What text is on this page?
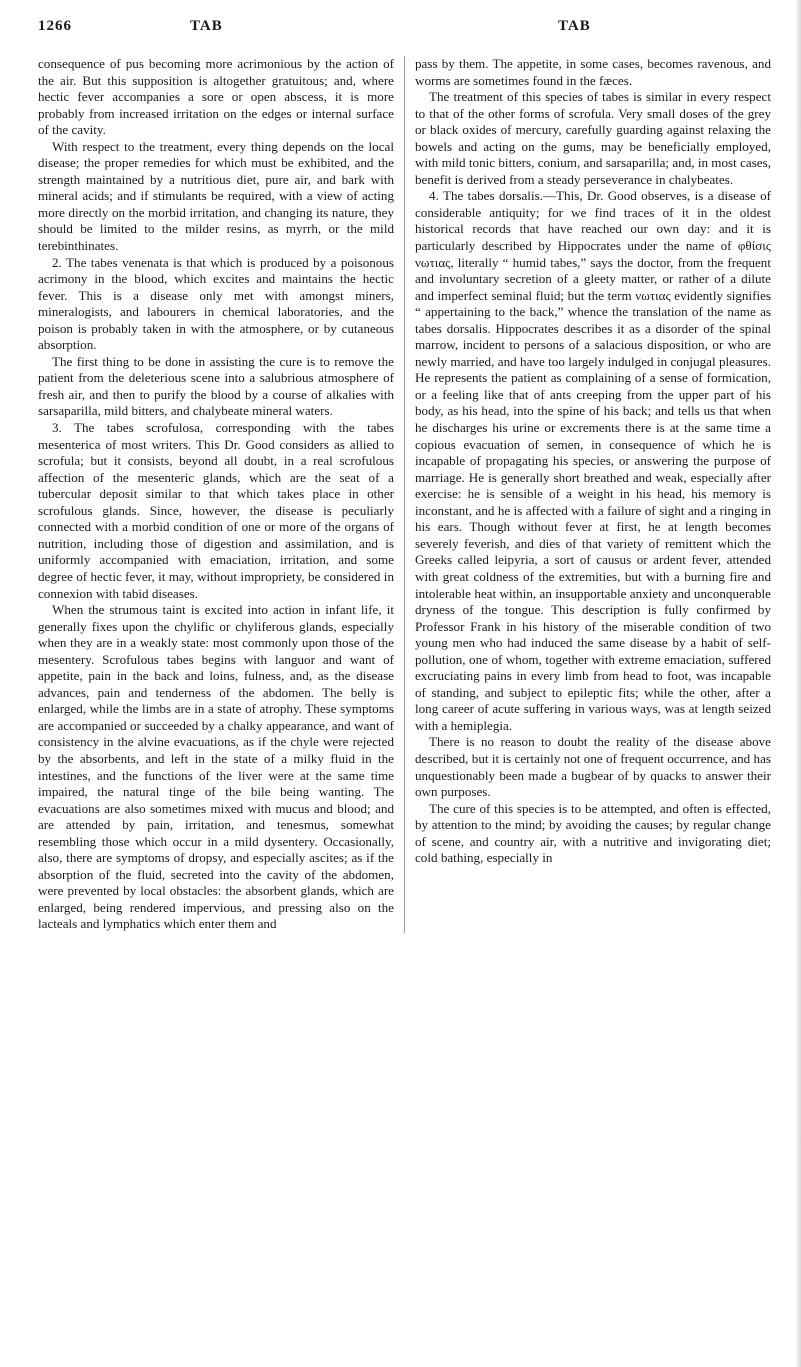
1266	TAB	TAB

consequence of pus becoming more acrimonious by the action of the air. But this supposition is altogether gratuitous; and, where hectic fever accompanies a sore or open abscess, it is more probably from increased irritation on the edges or internal surface of the cavity.

With respect to the treatment, every thing depends on the local disease; the proper remedies for which must be exhibited, and the strength maintained by a nutritious diet, pure air, and bark with mineral acids; and if stimulants be required, with a view of acting more directly on the morbid irritation, and changing its nature, they should be limited to the milder resins, as myrrh, or the mild terebinthinates.

2. The tabes venenata is that which is produced by a poisonous acrimony in the blood, which excites and maintains the hectic fever. This is a disease only met with amongst miners, mineralogists, and labourers in chemical laboratories, and the poison is probably taken in with the atmosphere, or by cutaneous absorption.

The first thing to be done in assisting the cure is to remove the patient from the deleterious scene into a salubrious atmosphere of fresh air, and then to purify the blood by a course of alkalies with sarsaparilla, mild bitters, and chalybeate mineral waters.

3. The tabes scrofulosa, corresponding with the tabes mesenterica of most writers. This Dr. Good considers as allied to scrofula; but it consists, beyond all doubt, in a real scrofulous affection of the mesenteric glands, which are the seat of a tubercular deposit similar to that which takes place in other scrofulous glands. Since, however, the disease is peculiarly connected with a morbid condition of one or more of the organs of nutrition, including those of digestion and assimilation, and is uniformly accompanied with emaciation, irritation, and some degree of hectic fever, it may, without impropriety, be considered in connexion with tabid diseases.

When the strumous taint is excited into action in infant life, it generally fixes upon the chylific or chyliferous glands, especially when they are in a weakly state: most commonly upon those of the mesentery. Scrofulous tabes begins with languor and want of appetite, pain in the back and loins, fulness, and, as the disease advances, pain and tenderness of the abdomen. The belly is enlarged, while the limbs are in a state of atrophy. These symptoms are accompanied or succeeded by a chalky appearance, and want of consistency in the alvine evacuations, as if the chyle were rejected by the absorbents, and left in the state of a milky fluid in the intestines, and the functions of the liver were at the same time impaired, the natural tinge of the bile being wanting. The evacuations are also sometimes mixed with mucus and blood; and are attended by pain, irritation, and tenesmus, somewhat resembling those which occur in a mild dysentery. Occasionally, also, there are symptoms of dropsy, and especially ascites; as if the absorption of the fluid, secreted into the cavity of the abdomen, were prevented by local obstacles: the absorbent glands, which are enlarged, being rendered impervious, and pressing also on the lacteals and lymphatics which enter them and

pass by them. The appetite, in some cases, becomes ravenous, and worms are sometimes found in the fæces.

The treatment of this species of tabes is similar in every respect to that of the other forms of scrofula. Very small doses of the grey or black oxides of mercury, carefully guarding against relaxing the bowels and acting on the gums, may be beneficially employed, with mild tonic bitters, conium, and sarsaparilla; and, in most cases, benefit is derived from a steady perseverance in chalybeates.

4. The tabes dorsalis.—This, Dr. Good observes, is a disease of considerable antiquity; for we find traces of it in the oldest historical records that have reached our own day: and it is particularly described by Hippocrates under the name of φθίσις νωτιας, literally “ humid tabes,” says the doctor, from the frequent and involuntary secretion of a gleety matter, or rather of a dilute and imperfect seminal fluid; but the term νωτιας evidently signifies “ appertaining to the back,” whence the translation of the name as tabes dorsalis. Hippocrates describes it as a disorder of the spinal marrow, incident to persons of a salacious disposition, or who are newly married, and have too largely indulged in conjugal pleasures. He represents the patient as complaining of a sense of formication, or a feeling like that of ants creeping from the upper part of his body, as his head, into the spine of his back; and tells us that when he discharges his urine or excrements there is at the same time a copious evacuation of semen, in consequence of which he is incapable of propagating his species, or answering the purpose of marriage. He is generally short breathed and weak, especially after exercise: he is sensible of a weight in his head, his memory is inconstant, and he is affected with a failure of sight and a ringing in his ears. Though without fever at first, he at length becomes severely feverish, and dies of that variety of remittent which the Greeks called leipyria, a sort of causus or ardent fever, attended with great coldness of the extremities, but with a burning fire and intolerable heat within, an insupportable anxiety and unconquerable dryness of the tongue. This description is fully confirmed by Professor Frank in his history of the miserable condition of two young men who had induced the same disease by a habit of self-pollution, one of whom, together with extreme emaciation, suffered excruciating pains in every limb from head to foot, was incapable of standing, and subject to epileptic fits; while the other, after a long career of acute suffering in various ways, was at length seized with a hemiplegia.

There is no reason to doubt the reality of the disease above described, but it is certainly not one of frequent occurrence, and has unquestionably been made a bugbear of by quacks to answer their own purposes.

The cure of this species is to be attempted, and often is effected, by attention to the mind; by avoiding the causes; by regular change of scene, and country air, with a nutritive and invigorating diet; cold bathing, especially in
